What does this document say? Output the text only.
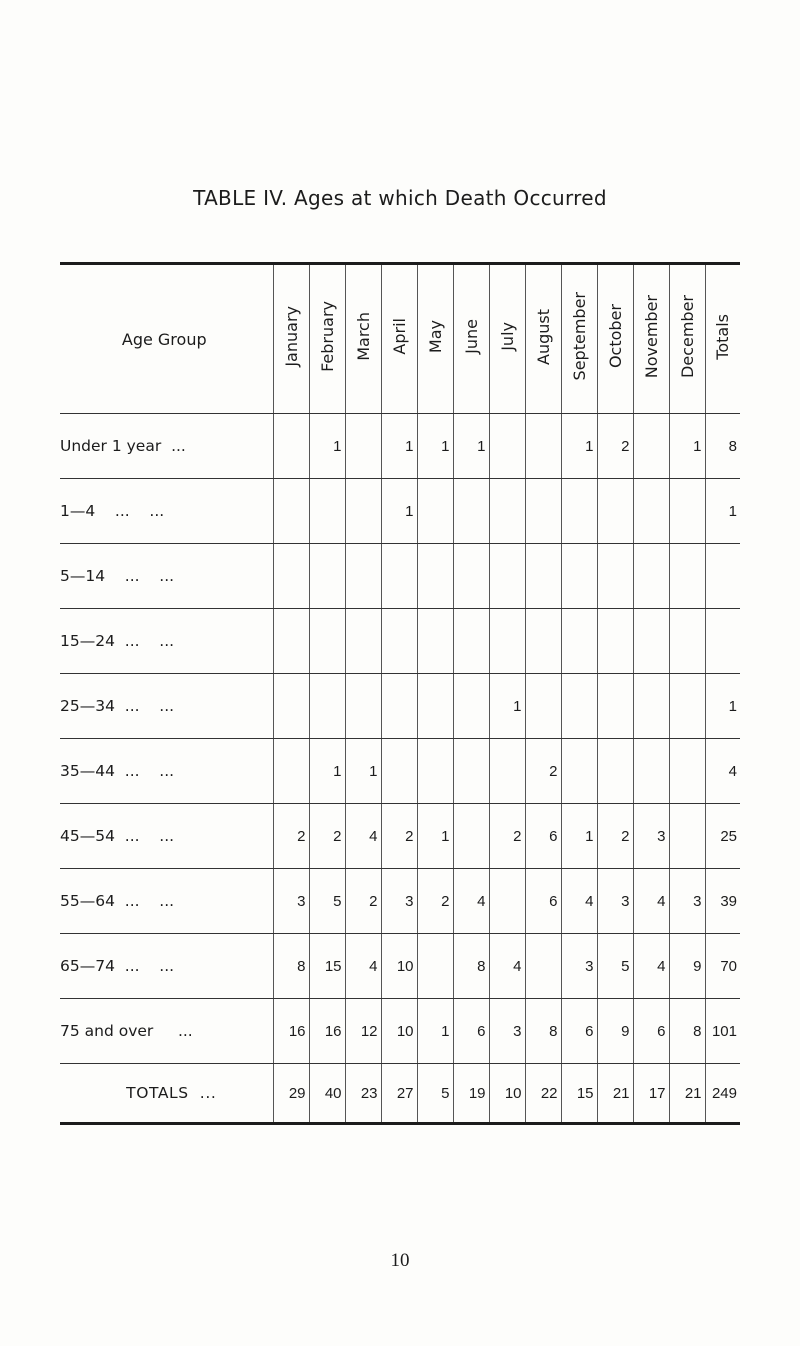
TABLE IV. Ages at which Death Occurred
Age Group	January	February	March	April	May	June	July	August	September	October	November	December	Totals
Under 1 year  ...		1		1	1	1			1	2		1	8
1—4    ...    ...				1									1
5—14    ...    ...													
15—24  ...    ...													
25—34  ...    ...							1						1
35—44  ...    ...		1	1					2					4
45—54  ...    ...	2	2	4	2	1		2	6	1	2	3		25
55—64  ...    ...	3	5	2	3	2	4		6	4	3	4	3	39
65—74  ...    ...	8	15	4	10		8	4		3	5	4	9	70
75 and over     ...	16	16	12	10	1	6	3	8	6	9	6	8	101
TOTALS  ...	29	40	23	27	5	19	10	22	15	21	17	21	249
10
